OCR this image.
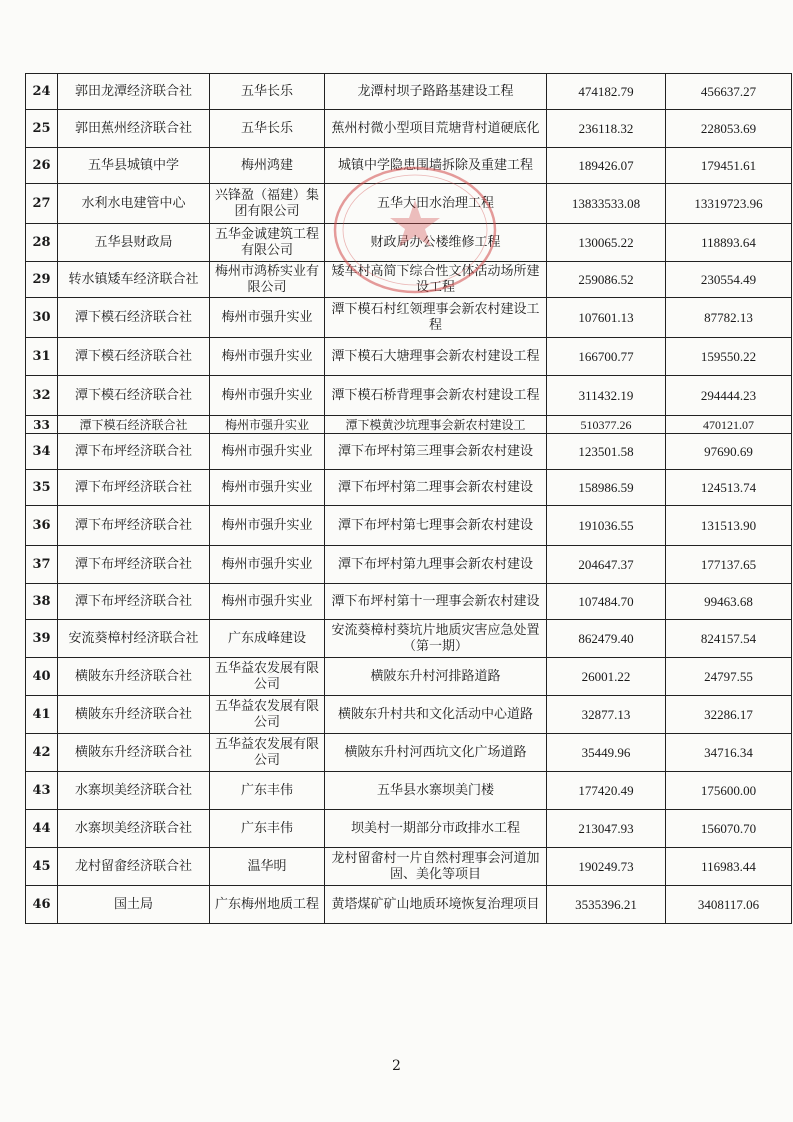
24	郭田龙潭经济联合社	五华长乐	龙潭村坝子路路基建设工程	474182.79	456637.27
25	郭田蕉州经济联合社	五华长乐	蕉州村微小型项目荒塘背村道硬底化	236118.32	228053.69
26	五华县城镇中学	梅州鸿建	城镇中学隐患围墙拆除及重建工程	189426.07	179451.61
27	水利水电建管中心	兴锋盈（福建）集团有限公司	五华大田水治理工程	13833533.08	13319723.96
28	五华县财政局	五华金诚建筑工程有限公司	财政局办公楼维修工程	130065.22	118893.64
29	转水镇矮车经济联合社	梅州市鸿桥实业有限公司	矮车村高简下综合性文体活动场所建设工程	259086.52	230554.49
30	潭下模石经济联合社	梅州市强升实业	潭下模石村红领理事会新农村建设工程	107601.13	87782.13
31	潭下模石经济联合社	梅州市强升实业	潭下模石大塘理事会新农村建设工程	166700.77	159550.22
32	潭下模石经济联合社	梅州市强升实业	潭下模石桥背理事会新农村建设工程	311432.19	294444.23
33	潭下模石经济联合社	梅州市强升实业	潭下模黄沙坑理事会新农村建设工	510377.26	470121.07
34	潭下布坪经济联合社	梅州市强升实业	潭下布坪村第三理事会新农村建设	123501.58	97690.69
35	潭下布坪经济联合社	梅州市强升实业	潭下布坪村第二理事会新农村建设	158986.59	124513.74
36	潭下布坪经济联合社	梅州市强升实业	潭下布坪村第七理事会新农村建设	191036.55	131513.90
37	潭下布坪经济联合社	梅州市强升实业	潭下布坪村第九理事会新农村建设	204647.37	177137.65
38	潭下布坪经济联合社	梅州市强升实业	潭下布坪村第十一理事会新农村建设	107484.70	99463.68
39	安流葵樟村经济联合社	广东成峰建设	安流葵樟村葵坑片地质灾害应急处置（第一期）	862479.40	824157.54
40	横陂东升经济联合社	五华益农发展有限公司	横陂东升村河排路道路	26001.22	24797.55
41	横陂东升经济联合社	五华益农发展有限公司	横陂东升村共和文化活动中心道路	32877.13	32286.17
42	横陂东升经济联合社	五华益农发展有限公司	横陂东升村河西坑文化广场道路	35449.96	34716.34
43	水寨坝美经济联合社	广东丰伟	五华县水寨坝美门楼	177420.49	175600.00
44	水寨坝美经济联合社	广东丰伟	坝美村一期部分市政排水工程	213047.93	156070.70
45	龙村留畲经济联合社	温华明	龙村留畲村一片自然村理事会河道加固、美化等项目	190249.73	116983.44
46	国土局	广东梅州地质工程	黄塔煤矿矿山地质环境恢复治理项目	3535396.21	3408117.06
2
